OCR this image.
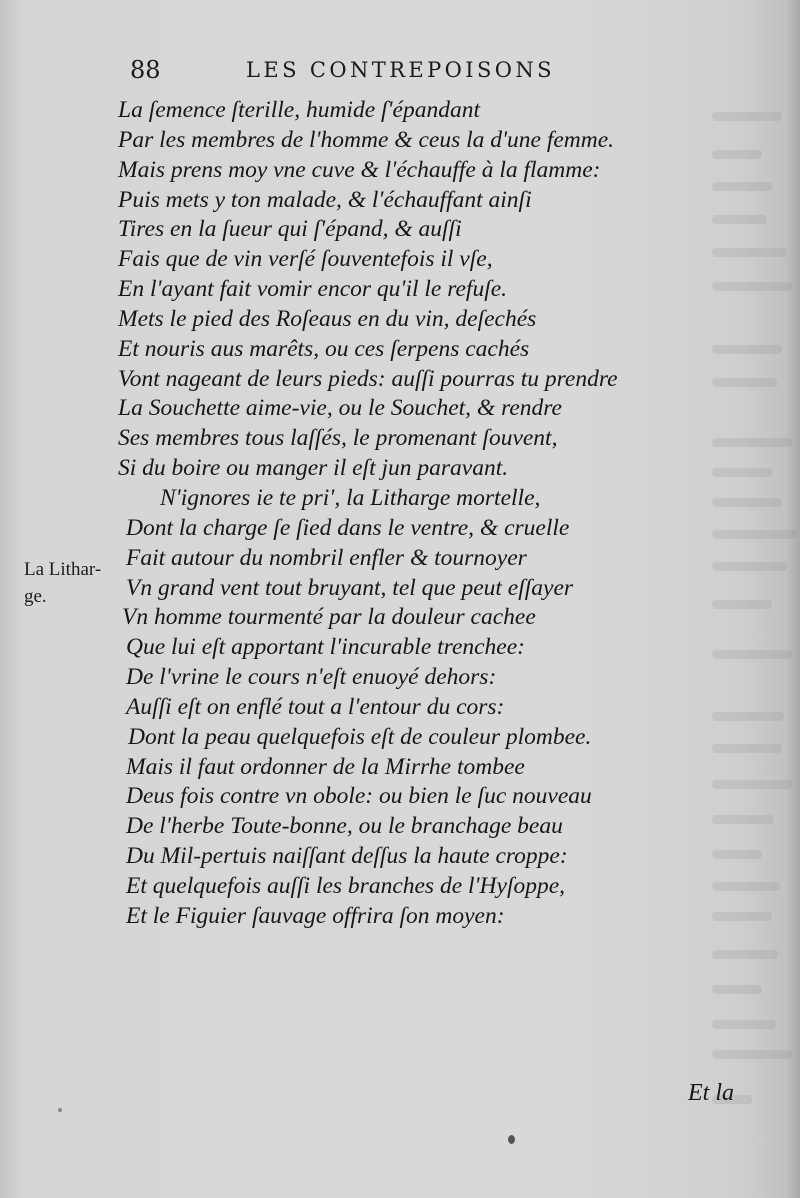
88	LES CONTREPOISONS
La ſemence ſterille, humide ſ'épandant
Par les membres de l'homme & ceus la d'une femme.
Mais prens moy vne cuve & l'échauffe à la flamme:
Puis mets y ton malade, & l'échauffant ainſi
Tires en la ſueur qui ſ'épand, & auſſi
Fais que de vin verſé ſouventefois il vſe,
En l'ayant fait vomir encor qu'il le refuſe.
Mets le pied des Roſeaus en du vin, deſechés
Et nouris aus marêts, ou ces ſerpens cachés
Vont nageant de leurs pieds: auſſi pourras tu prendre
La Souchette aime-vie, ou le Souchet, & rendre
Ses membres tous laſſés, le promenant ſouvent,
Si du boire ou manger il eſt jun paravant.
N'ignores ie te pri', la Litharge mortelle,
Dont la charge ſe ſied dans le ventre, & cruelle
Fait autour du nombril enfler & tournoyer
Vn grand vent tout bruyant, tel que peut eſſayer
Vn homme tourmenté par la douleur cachee
Que lui eſt apportant l'incurable trenchee:
De l'vrine le cours n'eſt enuoyé dehors:
Auſſi eſt on enflé tout a l'entour du cors:
Dont la peau quelquefois eſt de couleur plombee.
Mais il faut ordonner de la Mirrhe tombee
Deus fois contre vn obole: ou bien le ſuc nouveau
De l'herbe Toute-bonne, ou le branchage beau
Du Mil-pertuis naiſſant deſſus la haute croppe:
Et quelquefois auſſi les branches de l'Hyſoppe,
Et le Figuier ſauvage offrira ſon moyen:
La Lithar-
ge.
Et la
